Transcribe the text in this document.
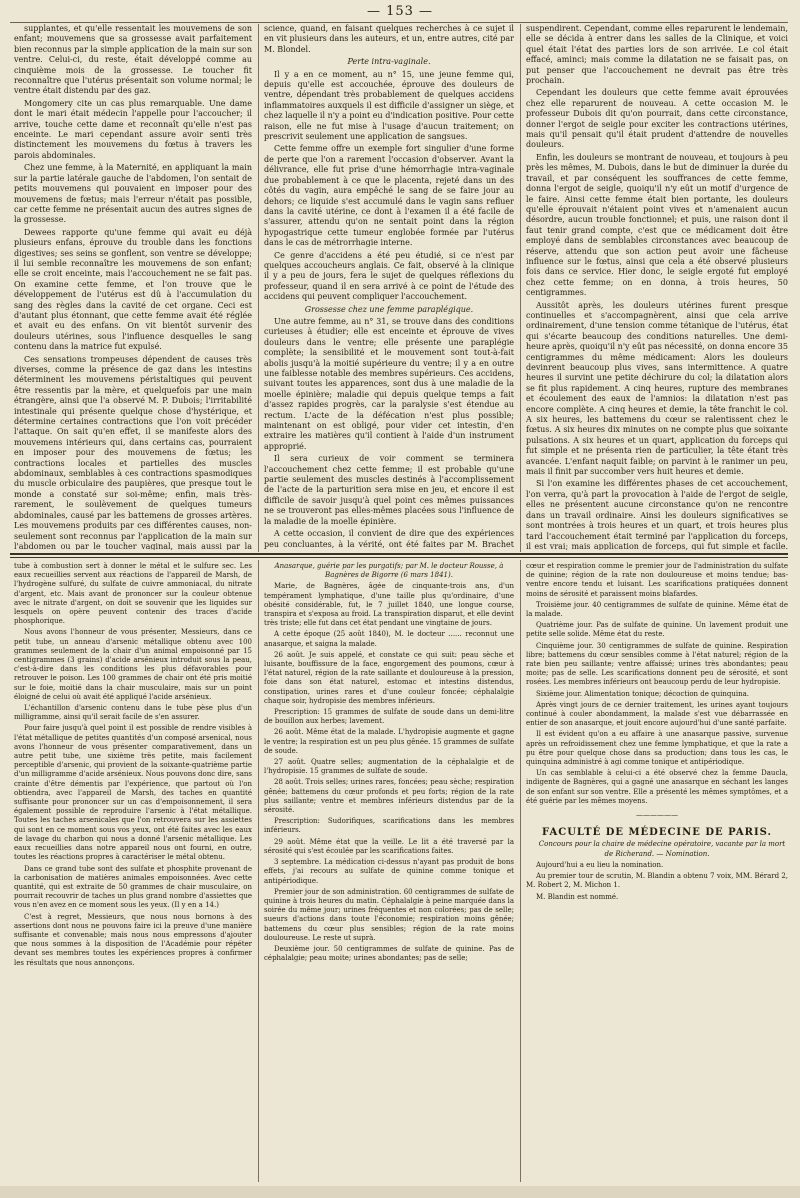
— 153 —

supplantes, et qu'elle ressentait les mouvemens de son enfant; mouvemens que sa grossesse avait parfaitement bien reconnus par la simple application de la main sur son ventre. Celui-ci, du reste, était développé comme au cinquième mois de la grossesse. Le toucher fit reconnaître que l'utérus présentait son volume normal; le ventre était distendu par des gaz.

Mongomery cite un cas plus remarquable. Une dame dont le mari était médecin l'appelle pour l'accoucher; il arrive, touche cette dame et reconnaît qu'elle n'est pas enceinte. Le mari cependant assure avoir senti très distinctement les mouvemens du fœtus à travers les parois abdominales.

Chez une femme, à la Maternité, en appliquant la main sur la partie latérale gauche de l'abdomen, l'on sentait de petits mouvemens qui pouvaient en imposer pour des mouvemens de fœtus; mais l'erreur n'était pas possible, car cette femme ne présentait aucun des autres signes de la grossesse.

Dewees rapporte qu'une femme qui avait eu déjà plusieurs enfans, éprouve du trouble dans les fonctions digestives; ses seins se gonflent, son ventre se développe; il lui semble reconnaître les mouvemens de son enfant; elle se croit enceinte, mais l'accouchement ne se fait pas. On examine cette femme, et l'on trouve que le développement de l'utérus est dû à l'accumulation du sang des règles dans la cavité de cet organe. Ceci est d'autant plus étonnant, que cette femme avait été réglée et avait eu des enfans. On vit bientôt survenir des douleurs utérines, sous l'influence desquelles le sang contenu dans la matrice fut expulsé.

Ces sensations trompeuses dépendent de causes très diverses, comme la présence de gaz dans les intestins déterminent les mouvemens péristaltiques qui peuvent être ressentis par la mère, et quelquefois par une main étrangère, ainsi que l'a observé M. P. Dubois; l'irritabilité intestinale qui présente quelque chose d'hystérique, et détermine certaines contractions que l'on voit précéder l'attaque. On sait qu'en effet, il se manifeste alors des mouvemens intérieurs qui, dans certains cas, pourraient en imposer pour des mouvemens de fœtus; les contractions locales et partielles des muscles abdominaux, semblables à ces contractions spasmodiques du muscle orbiculaire des paupières, que presque tout le monde a constaté sur soi-même; enfin, mais très-rarement, le soulèvement de quelques tumeurs abdominales, causé par les battemens de grosses artères. Les mouvemens produits par ces différentes causes, non-seulement sont reconnus par l'application de la main sur l'abdomen ou par le toucher vaginal, mais aussi par la

science, quand, en faisant quelques recherches à ce sujet il en vit plusieurs dans les auteurs, et un, entre autres, cité par M. Blondel.

Perte intra-vaginale.

Il y a en ce moment, au n° 15, une jeune femme qui, depuis qu'elle est accouchée, éprouve des douleurs de ventre, dépendant très probablement de quelques accidens inflammatoires auxquels il est difficile d'assigner un siège, et chez laquelle il n'y a point eu d'indication positive. Pour cette raison, elle ne fut mise à l'usage d'aucun traitement; on prescrivit seulement une application de sangsues.

Cette femme offre un exemple fort singulier d'une forme de perte que l'on a rarement l'occasion d'observer. Avant la délivrance, elle fut prise d'une hémorrhagie intra-vaginale due probablement à ce que le placenta, rejeté dans un des côtés du vagin, aura empêché le sang de se faire jour au dehors; ce liquide s'est accumulé dans le vagin sans refluer dans la cavité utérine, ce dont à l'examen il a été facile de s'assurer, attendu qu'on ne sentait point dans la région hypogastrique cette tumeur englobée formée par l'utérus dans le cas de métrorrhagie interne.

Ce genre d'accidens a été peu étudié, si ce n'est par quelques accoucheurs anglais. Ce fait, observé à la clinique il y a peu de jours, fera le sujet de quelques réflexions du professeur, quand il en sera arrivé à ce point de l'étude des accidens qui peuvent compliquer l'accouchement.

Grossesse chez une femme paraplégique.

Une autre femme, au n° 31, se trouve dans des conditions curieuses à étudier; elle est enceinte et éprouve de vives douleurs dans le ventre; elle présente une paraplégie complète; la sensibilité et le mouvement sont tout-à-fait abolis jusqu'à la moitié supérieure du ventre; il y a en outre une faiblesse notable des membres supérieurs. Ces accidens, suivant toutes les apparences, sont dus à une maladie de la moelle épinière; maladie qui depuis quelque temps a fait d'assez rapides progrès, car la paralysie s'est étendue au rectum. L'acte de la défécation n'est plus possible; maintenant on est obligé, pour vider cet intestin, d'en extraire les matières qu'il contient à l'aide d'un instrument approprié.

Il sera curieux de voir comment se terminera l'accouchement chez cette femme; il est probable qu'une partie seulement des muscles destinés à l'accomplissement de l'acte de la parturition sera mise en jeu, et encore il est difficile de savoir jusqu'à quel point ces mêmes puissances ne se trouveront pas elles-mêmes placées sous l'influence de la maladie de la moelle épinière.

A cette occasion, il convient de dire que des expériences peu concluantes, à la vérité, ont été faites par M. Brachet

suspendirent. Cependant, comme elles reparurent le lendemain, elle se décida à entrer dans les salles de la Clinique, et voici quel était l'état des parties lors de son arrivée. Le col était effacé, aminci; mais comme la dilatation ne se faisait pas, on put penser que l'accouchement ne devrait pas être très prochain.

Cependant les douleurs que cette femme avait éprouvées chez elle reparurent de nouveau. A cette occasion M. le professeur Dubois dit qu'on pourrait, dans cette circonstance, donner l'ergot de seigle pour exciter les contractions utérines, mais qu'il pensait qu'il était prudent d'attendre de nouvelles douleurs.

Enfin, les douleurs se montrant de nouveau, et toujours à peu près les mêmes, M. Dubois, dans le but de diminuer la durée du travail, et par conséquent les souffrances de cette femme, donna l'ergot de seigle, quoiqu'il n'y eût un motif d'urgence de le faire. Ainsi cette femme était bien portante, les douleurs qu'elle éprouvait n'étaient point vives et n'amenaient aucun désordre, aucun trouble fonctionnel; et puis, une raison dont il faut tenir grand compte, c'est que ce médicament doit être employé dans de semblables circonstances avec beaucoup de réserve, attendu que son action peut avoir une fâcheuse influence sur le fœtus, ainsi que cela a été observé plusieurs fois dans ce service. Hier donc, le seigle ergoté fut employé chez cette femme; on en donna, à trois heures, 50 centigrammes.

Aussitôt après, les douleurs utérines furent presque continuelles et s'accompagnèrent, ainsi que cela arrive ordinairement, d'une tension comme tétanique de l'utérus, état qui s'écarte beaucoup des conditions naturelles. Une demi-heure après, quoiqu'il n'y eût pas nécessité, on donna encore 35 centigrammes du même médicament: Alors les douleurs devinrent beaucoup plus vives, sans intermittence. A quatre heures il survint une petite déchirure du col; la dilatation alors se fit plus rapidement. A cinq heures, rupture des membranes et écoulement des eaux de l'amnios: la dilatation n'est pas encore complète. A cinq heures et demie, la tête franchit le col. A six heures, les battemens du cœur se ralentissent chez le fœtus. A six heures dix minutes on ne compte plus que soixante pulsations. A six heures et un quart, application du forceps qui fut simple et ne présenta rien de particulier, la tête étant très avancée. L'enfant naquit faible; on parvint à le ranimer un peu, mais il finit par succomber vers huit heures et demie.

Si l'on examine les différentes phases de cet accouchement, l'on verra, qu'à part la provocation à l'aide de l'ergot de seigle, elles ne présentent aucune circonstance qu'on ne rencontre dans un travail ordinaire. Ainsi les douleurs significatives se sont montrées à trois heures et un quart, et trois heures plus tard l'accouchement était terminé par l'application du forceps, il est vrai; mais application de forceps, qui fut simple et facile.

tube à combustion sert à donner le métal et le sulfure sec. Les eaux recueillies servent aux réactions de l'appareil de Marsh, de l'hydrogène sulfuré, du sulfate de cuivre ammoniacal, du nitrate d'argent, etc. Mais avant de prononcer sur la couleur obtenue avec le nitrate d'argent, on doit se souvenir que les liquides sur lesquels on opère peuvent contenir des traces d'acide phosphorique.

Nous avons l'honneur de vous présenter, Messieurs, dans ce petit tube, un anneau d'arsenic métallique obtenu avec 100 grammes seulement de la chair d'un animal empoisonné par 15 centigrammes (3 grains) d'acide arsénieux introduit sous la peau, c'est-à-dire dans les conditions les plus défavorables pour retrouver le poison. Les 100 grammes de chair ont été pris moitié sur le foie, moitié dans la chair musculaire, mais sur un point éloigné de celui où avait été appliqué l'acide arsénieux.

L'échantillon d'arsenic contenu dans le tube pèse plus d'un milligramme, ainsi qu'il serait facile de s'en assurer.

Pour faire jusqu'à quel point il est possible de rendre visibles à l'état métallique de petites quantités d'un composé arsenical, nous avons l'honneur de vous présenter comparativement, dans un autre petit tube, une sixième très petite, mais facilement perceptible d'arsenic, qui provient de la soixante-quatrième partie d'un milligramme d'acide arsénieux. Nous pouvons donc dire, sans crainte d'être démentis par l'expérience, que partout où l'on obtiendra, avec l'appareil de Marsh, des taches en quantité suffisante pour prononcer sur un cas d'empoisonnement, il sera également possible de reproduire l'arsenic à l'état métallique. Toutes les taches arsenicales que l'on retrouvera sur les assiettes qui sont en ce moment sous vos yeux, ont été faites avec les eaux de lavage du charbon qui nous a donné l'arsenic métallique. Les eaux recueillies dans notre appareil nous ont fourni, en outre, toutes les réactions propres à caractériser le métal obtenu.

Dans ce grand tube sont des sulfate et phosphite provenant de la carbonisation de matières animales empoisonnées. Avec cette quantité, qui est extraite de 50 grammes de chair musculaire, on pourrait recouvrir de taches un plus grand nombre d'assiettes que vous n'en avez en ce moment sous les yeux. (Il y en a 14.)

C'est à regret, Messieurs, que nous nous bornons à des assertions dont nous ne pouvons faire ici la preuve d'une manière suffisante et convenable; mais nous nous empressons d'ajouter que nous sommes à la disposition de l'Académie pour répéter devant ses membres toutes les expériences propres à confirmer les résultats que nous annonçons.

Anasarque, guérie par les purgatifs; par M. le docteur Rousse, à Bagnères de Bigorre (6 mars 1841).

Marie, de Bagnères, âgée de cinquante-trois ans, d'un tempérament lymphatique, d'une taille plus qu'ordinaire, d'une obésité considérable, fut, le 7 juillet 1840, une longue course, transpira et s'exposa au froid. La transpiration disparut, et elle devint très triste; elle fut dans cet état pendant une vingtaine de jours.

A cette époque (25 août 1840), M. le docteur ...... reconnut une anasarque, et saigna la malade.

26 août. Je suis appelé, et constate ce qui suit: peau sèche et luisante, bouffissure de la face, engorgement des poumons, cœur à l'état naturel, région de la rate saillante et douloureuse à la pression, foie dans son état naturel, estomac et intestins distendus, constipation, urines rares et d'une couleur foncée; céphalalgie chaque soir, hydropisie des membres inférieurs.

Prescription: 15 grammes de sulfate de soude dans un demi-litre de bouillon aux herbes; lavement.

26 août. Même état de la malade. L'hydropisie augmente et gagne le ventre; la respiration est un peu plus gênée. 15 grammes de sulfate de soude.

27 août. Quatre selles; augmentation de la céphalalgie et de l'hydropisie. 15 grammes de sulfate de soude.

28 août. Trois selles; urines rares, foncées; peau sèche; respiration gênée; battemens du cœur profonds et peu forts; région de la rate plus saillante; ventre et membres inférieurs distendus par de la sérosité.

Prescription: Sudorifiques, scarifications dans les membres inférieurs.

29 août. Même état que la veille. Le lit a été traversé par la sérosité qui s'est écoulée par les scarifications faites.

3 septembre. La médication ci-dessus n'ayant pas produit de bons effets, j'ai recours au sulfate de quinine comme tonique et antipériodique.

Premier jour de son administration. 60 centigrammes de sulfate de quinine à trois heures du matin. Céphalalgie à peine marquée dans la soirée du même jour; urines fréquentes et non colorées; pas de selle; sueurs d'actions dans toute l'économie; respiration moins gênée; battemens du cœur plus sensibles; région de la rate moins douloureuse. Le reste ut suprà.

Deuxième jour. 50 centigrammes de sulfate de quinine. Pas de céphalalgie; peau moite; urines abondantes; pas de selle;

cœur et respiration comme le premier jour de l'administration du sulfate de quinine; région de la rate non douloureuse et moins tendue; bas-ventre encore tendu et luisant. Les scarifications pratiquées donnent moins de sérosité et paraissent moins blafardes.

Troisième jour. 40 centigrammes de sulfate de quinine. Même état de la malade.

Quatrième jour. Pas de sulfate de quinine. Un lavement produit une petite selle solide. Même état du reste.

Cinquième jour. 30 centigrammes de sulfate de quinine. Respiration libre; battemens du cœur sensibles comme à l'état naturel; région de la rate bien peu saillante; ventre affaissé; urines très abondantes; peau moite; pas de selle. Les scarifications donnent peu de sérosité, et sont rosées. Les membres inférieurs ont beaucoup perdu de leur hydropisie.

Sixième jour. Alimentation tonique; décoction de quinquina.

Après vingt jours de ce dernier traitement, les urines ayant toujours continué à couler abondamment, la malade s'est vue débarrassée en entier de son anasarque, et jouit encore aujourd'hui d'une santé parfaite.

Il est évident qu'on a eu affaire à une anasarque passive, survenue après un refroidissement chez une femme lymphatique, et que la rate a pu être pour quelque chose dans sa production; dans tous les cas, le quinquina administré à agi comme tonique et antipériodique.

Un cas semblable à celui-ci a été observé chez la femme Daucla, indigente de Bagnères, qui a gagné une anasarque en séchant les langes de son enfant sur son ventre. Elle a présenté les mêmes symptômes, et a été guérie par les mêmes moyens.

——————
FACULTÉ DE MÉDECINE DE PARIS.

Concours pour la chaire de médecine opératoire, vacante par la mort de Richerand. — Nomination.

Aujourd'hui a eu lieu la nomination.

Au premier tour de scrutin, M. Blandin a obtenu 7 voix, MM. Bérard 2, M. Robert 2, M. Michon 1.

M. Blandin est nommé.
